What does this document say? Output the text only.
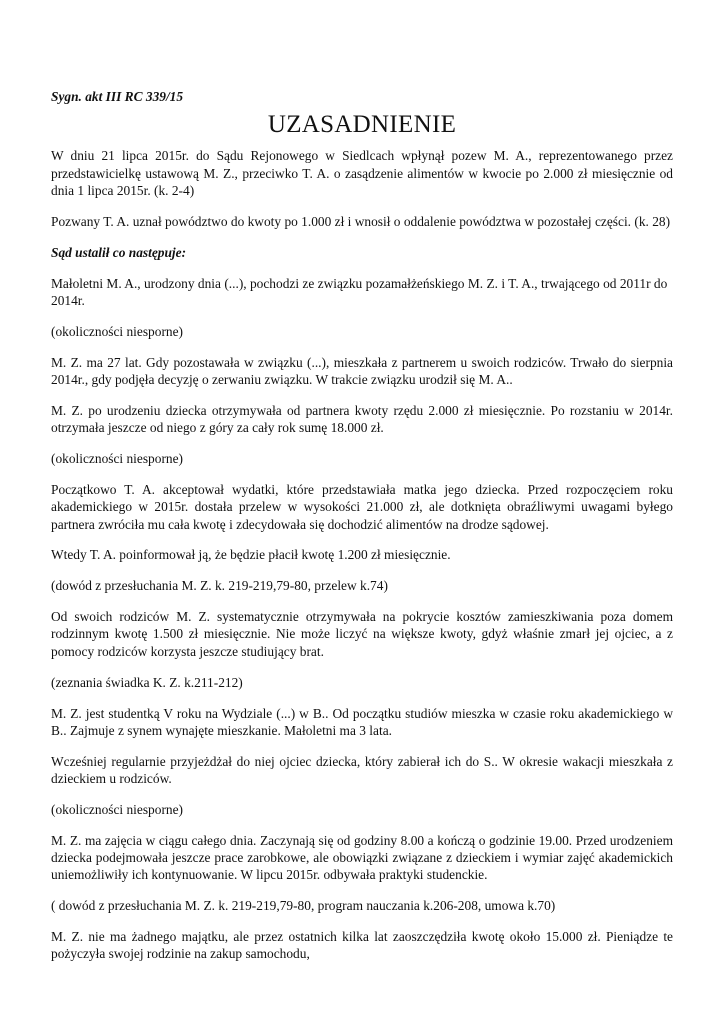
Sygn. akt III RC 339/15
UZASADNIENIE
W dniu 21 lipca 2015r. do Sądu Rejonowego w Siedlcach wpłynął pozew M. A., reprezentowanego przez przedstawicielkę ustawową M. Z., przeciwko T. A. o zasądzenie alimentów w kwocie po 2.000 zł miesięcznie od dnia 1 lipca 2015r. (k. 2-4)
Pozwany T. A. uznał powództwo do kwoty po 1.000 zł i wnosił o oddalenie powództwa w pozostałej części. (k. 28)
Sąd ustalił co następuje:
Małoletni M. A., urodzony dnia (...), pochodzi ze związku pozamałżeńskiego M. Z. i T. A., trwającego od 2011r do 2014r.
(okoliczności niesporne)
M. Z. ma 27 lat. Gdy pozostawała w związku (...), mieszkała z partnerem u swoich rodziców. Trwało do sierpnia 2014r., gdy podjęła decyzję o zerwaniu związku. W trakcie związku urodził się M. A..
M. Z. po urodzeniu dziecka otrzymywała od partnera kwoty rzędu 2.000 zł miesięcznie. Po rozstaniu w 2014r. otrzymała jeszcze od niego z góry za cały rok sumę 18.000 zł.
(okoliczności niesporne)
Początkowo T. A. akceptował wydatki, które przedstawiała matka jego dziecka. Przed rozpoczęciem roku akademickiego w 2015r. dostała przelew w wysokości 21.000 zł, ale dotknięta obraźliwymi uwagami byłego partnera zwróciła mu cała kwotę i zdecydowała się dochodzić alimentów na drodze sądowej.
Wtedy T. A. poinformował ją, że będzie płacił kwotę 1.200 zł miesięcznie.
(dowód z przesłuchania M. Z. k. 219-219,79-80, przelew k.74)
Od swoich rodziców M. Z. systematycznie otrzymywała na pokrycie kosztów zamieszkiwania poza domem rodzinnym kwotę 1.500 zł miesięcznie. Nie może liczyć na większe kwoty, gdyż właśnie zmarł jej ojciec, a z pomocy rodziców korzysta jeszcze studiujący brat.
(zeznania świadka K. Z. k.211-212)
M. Z. jest studentką V roku na Wydziale (...) w B.. Od początku studiów mieszka w czasie roku akademickiego w B.. Zajmuje z synem wynajęte mieszkanie. Małoletni ma 3 lata.
Wcześniej regularnie przyjeżdżał do niej ojciec dziecka, który zabierał ich do S.. W okresie wakacji mieszkała z dzieckiem u rodziców.
(okoliczności niesporne)
M. Z. ma zajęcia w ciągu całego dnia. Zaczynają się od godziny 8.00 a kończą o godzinie 19.00. Przed urodzeniem dziecka podejmowała jeszcze prace zarobkowe, ale obowiązki związane z dzieckiem i wymiar zajęć akademickich uniemożliwiły ich kontynuowanie. W lipcu 2015r. odbywała praktyki studenckie.
( dowód z przesłuchania M. Z. k. 219-219,79-80, program nauczania k.206-208, umowa k.70)
M. Z. nie ma żadnego majątku, ale przez ostatnich kilka lat zaoszczędziła kwotę około 15.000 zł. Pieniądze te pożyczyła swojej rodzinie na zakup samochodu,
